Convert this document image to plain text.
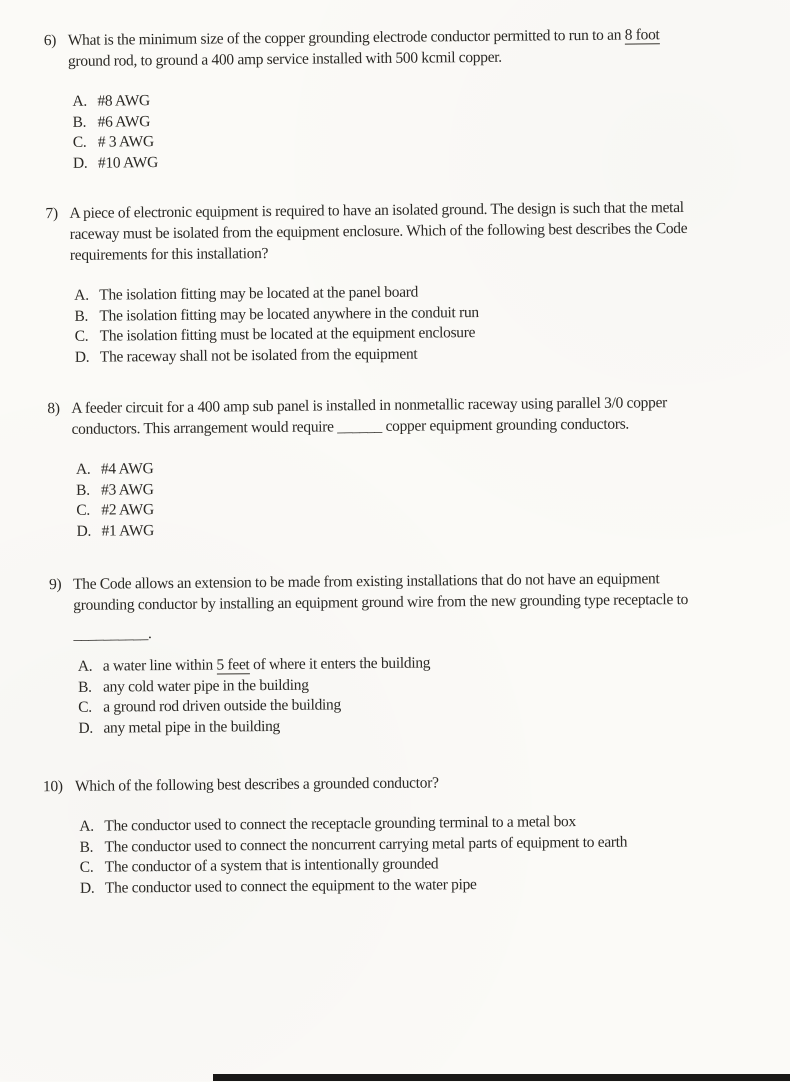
6) What is the minimum size of the copper grounding electrode conductor permitted to run to an 8 foot
ground rod, to ground a 400 amp service installed with 500 kcmil copper.
A. #8 AWG
B. #6 AWG
C. # 3 AWG
D. #10 AWG
7) A piece of electronic equipment is required to have an isolated ground. The design is such that the metal
raceway must be isolated from the equipment enclosure. Which of the following best describes the Code
requirements for this installation?
A. The isolation fitting may be located at the panel board
B. The isolation fitting may be located anywhere in the conduit run
C. The isolation fitting must be located at the equipment enclosure
D. The raceway shall not be isolated from the equipment
8) A feeder circuit for a 400 amp sub panel is installed in nonmetallic raceway using parallel 3/0 copper
conductors. This arrangement would require ______ copper equipment grounding conductors.
A. #4 AWG
B. #3 AWG
C. #2 AWG
D. #1 AWG
9) The Code allows an extension to be made from existing installations that do not have an equipment
grounding conductor by installing an equipment ground wire from the new grounding type receptacle to
__________.
A. a water line within 5 feet of where it enters the building
B. any cold water pipe in the building
C. a ground rod driven outside the building
D. any metal pipe in the building
10) Which of the following best describes a grounded conductor?
A. The conductor used to connect the receptacle grounding terminal to a metal box
B. The conductor used to connect the noncurrent carrying metal parts of equipment to earth
C. The conductor of a system that is intentionally grounded
D. The conductor used to connect the equipment to the water pipe
